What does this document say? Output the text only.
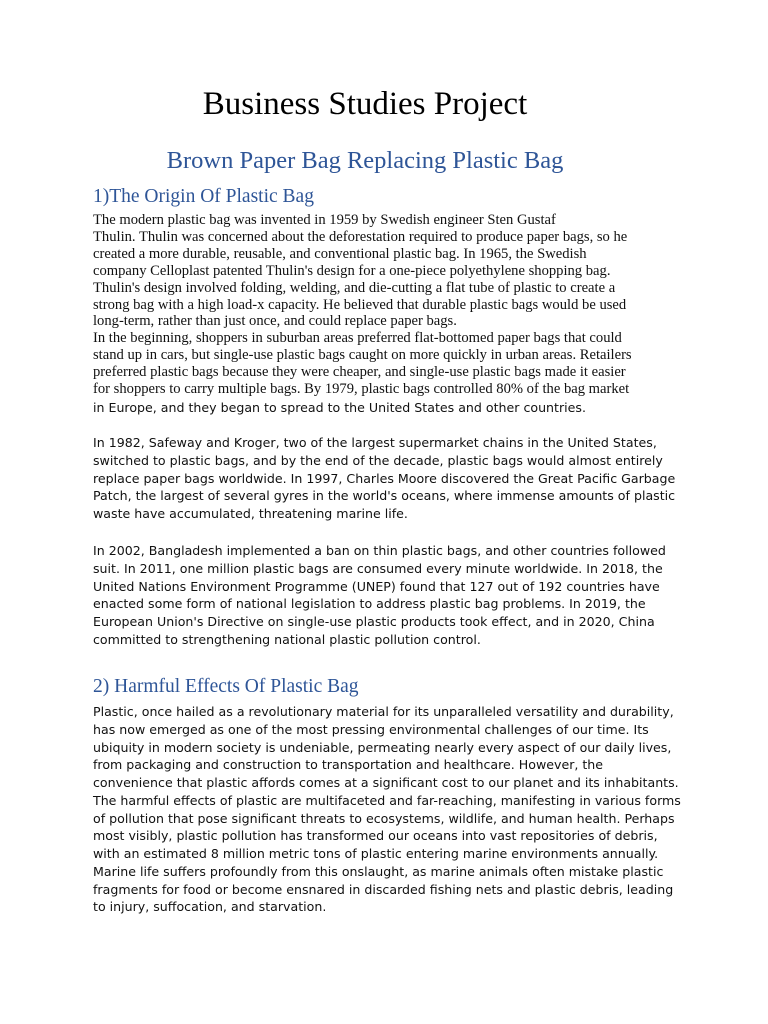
Business Studies Project
Brown Paper Bag Replacing Plastic Bag
1)The Origin Of Plastic Bag

The modern plastic bag was invented in 1959 by Swedish engineer Sten Gustaf
Thulin. Thulin was concerned about the deforestation required to produce paper bags, so he
created a more durable, reusable, and conventional plastic bag. In 1965, the Swedish
company Celloplast patented Thulin's design for a one-piece polyethylene shopping bag.
Thulin's design involved folding, welding, and die-cutting a flat tube of plastic to create a
strong bag with a high load-x capacity. He believed that durable plastic bags would be used
long-term, rather than just once, and could replace paper bags.
In the beginning, shoppers in suburban areas preferred flat-bottomed paper bags that could
stand up in cars, but single-use plastic bags caught on more quickly in urban areas. Retailers
preferred plastic bags because they were cheaper, and single-use plastic bags made it easier
for shoppers to carry multiple bags. By 1979, plastic bags controlled 80% of the bag market

in Europe, and they began to spread to the United States and other countries.

In 1982, Safeway and Kroger, two of the largest supermarket chains in the United States,
switched to plastic bags, and by the end of the decade, plastic bags would almost entirely
replace paper bags worldwide. In 1997, Charles Moore discovered the Great Pacific Garbage
Patch, the largest of several gyres in the world's oceans, where immense amounts of plastic
waste have accumulated, threatening marine life.

In 2002, Bangladesh implemented a ban on thin plastic bags, and other countries followed
suit. In 2011, one million plastic bags are consumed every minute worldwide. In 2018, the
United Nations Environment Programme (UNEP) found that 127 out of 192 countries have
enacted some form of national legislation to address plastic bag problems. In 2019, the
European Union's Directive on single-use plastic products took effect, and in 2020, China
committed to strengthening national plastic pollution control.

2) Harmful Effects Of Plastic Bag

Plastic, once hailed as a revolutionary material for its unparalleled versatility and durability,
has now emerged as one of the most pressing environmental challenges of our time. Its
ubiquity in modern society is undeniable, permeating nearly every aspect of our daily lives,
from packaging and construction to transportation and healthcare. However, the
convenience that plastic affords comes at a significant cost to our planet and its inhabitants.
The harmful effects of plastic are multifaceted and far-reaching, manifesting in various forms
of pollution that pose significant threats to ecosystems, wildlife, and human health. Perhaps
most visibly, plastic pollution has transformed our oceans into vast repositories of debris,
with an estimated 8 million metric tons of plastic entering marine environments annually.
Marine life suffers profoundly from this onslaught, as marine animals often mistake plastic
fragments for food or become ensnared in discarded fishing nets and plastic debris, leading
to injury, suffocation, and starvation.
